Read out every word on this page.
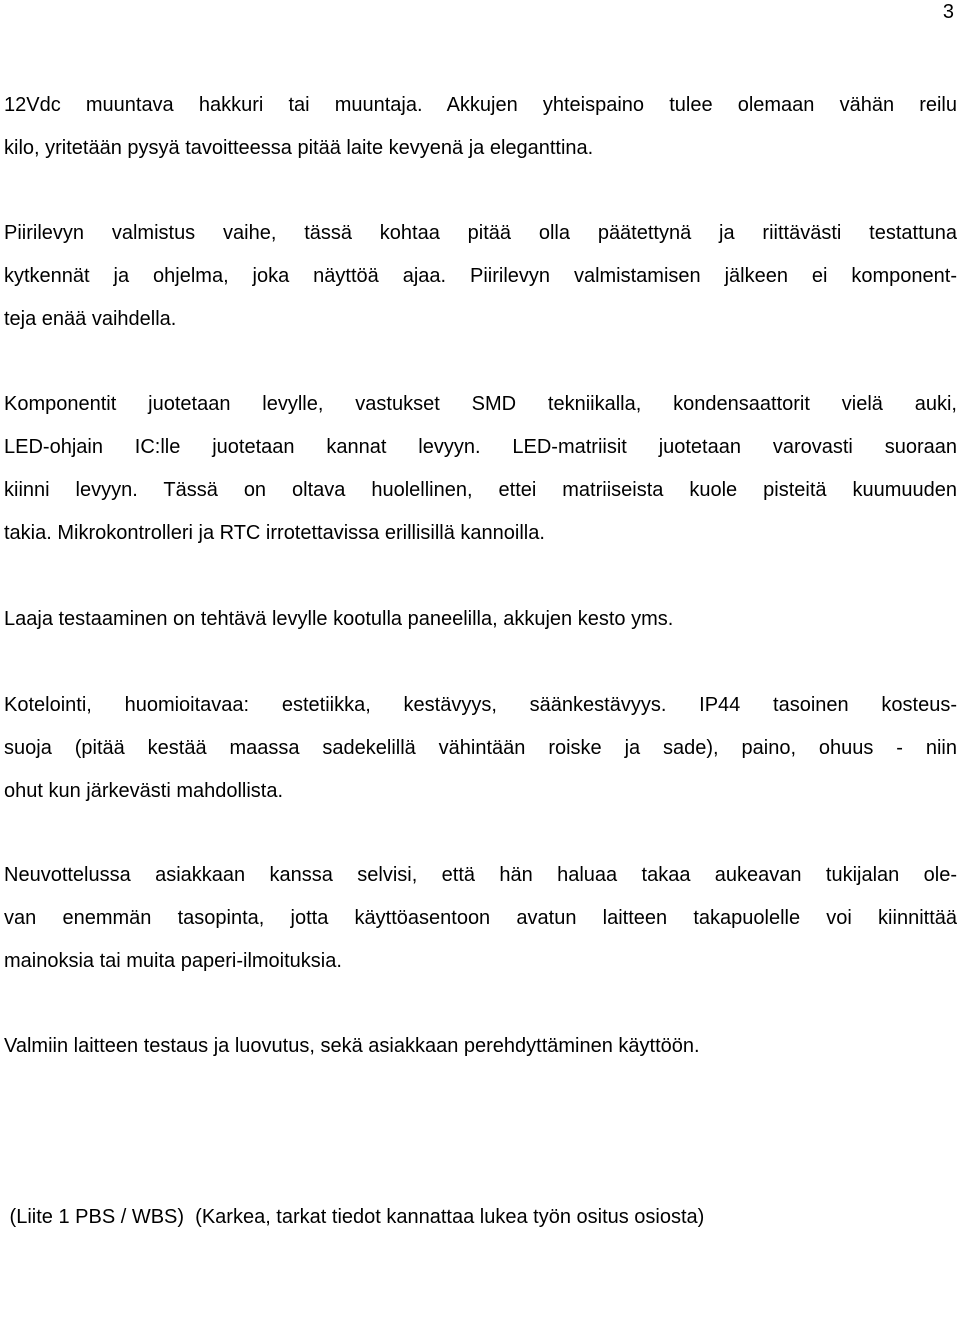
3
12Vdc muuntava hakkuri tai muuntaja. Akkujen yhteispaino tulee olemaan vähän reilu
kilo, yritetään pysyä tavoitteessa pitää laite kevyenä ja eleganttina.
Piirilevyn valmistus vaihe, tässä kohtaa pitää olla päätettynä ja riittävästi testattuna
kytkennät ja ohjelma, joka näyttöä ajaa. Piirilevyn valmistamisen jälkeen ei komponent-
teja enää vaihdella.
Komponentit juotetaan levylle, vastukset SMD tekniikalla, kondensaattorit vielä auki,
LED-ohjain IC:lle juotetaan kannat levyyn. LED-matriisit juotetaan varovasti suoraan
kiinni levyyn. Tässä on oltava huolellinen, ettei matriiseista kuole pisteitä kuumuuden
takia. Mikrokontrolleri ja RTC irrotettavissa erillisillä kannoilla.
Laaja testaaminen on tehtävä levylle kootulla paneelilla, akkujen kesto yms.
Kotelointi, huomioitavaa: estetiikka, kestävyys, säänkestävyys. IP44 tasoinen kosteus-
suoja (pitää kestää maassa sadekelillä vähintään roiske ja sade), paino, ohuus - niin
ohut kun järkevästi mahdollista.
Neuvottelussa asiakkaan kanssa selvisi, että hän haluaa takaa aukeavan tukijalan ole-
van enemmän tasopinta, jotta käyttöasentoon avatun laitteen takapuolelle voi kiinnittää
mainoksia tai muita paperi-ilmoituksia.
Valmiin laitteen testaus ja luovutus, sekä asiakkaan perehdyttäminen käyttöön.

(Liite 1 PBS / WBS)  (Karkea, tarkat tiedot kannattaa lukea työn ositus osiosta)
